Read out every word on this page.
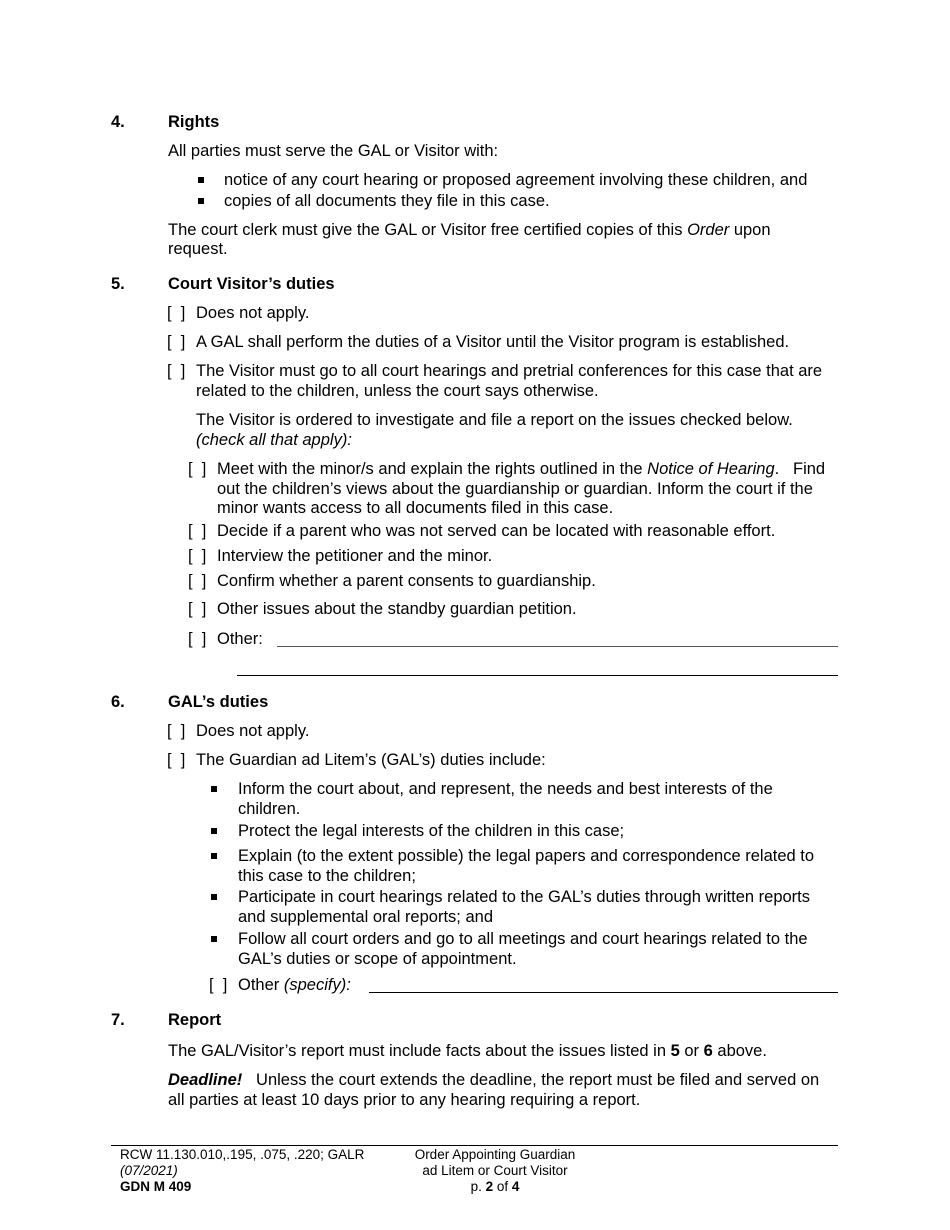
4.	Rights
All parties must serve the GAL or Visitor with:
notice of any court hearing or proposed agreement involving these children, and
copies of all documents they file in this case.
The court clerk must give the GAL or Visitor free certified copies of this Order upon
request.
5.	Court Visitor’s duties
[  ] Does not apply.
[  ] A GAL shall perform the duties of a Visitor until the Visitor program is established.
[  ] The Visitor must go to all court hearings and pretrial conferences for this case that are
related to the children, unless the court says otherwise.
The Visitor is ordered to investigate and file a report on the issues checked below.
(check all that apply):
[  ] Meet with the minor/s and explain the rights outlined in the Notice of Hearing.   Find
out the children’s views about the guardianship or guardian. Inform the court if the
minor wants access to all documents filed in this case.
[  ] Decide if a parent who was not served can be located with reasonable effort.
[  ] Interview the petitioner and the minor.
[  ] Confirm whether a parent consents to guardianship.
[  ] Other issues about the standby guardian petition.
[  ] Other:
6.	GAL’s duties
[  ] Does not apply.
[  ] The Guardian ad Litem’s (GAL’s) duties include:
Inform the court about, and represent, the needs and best interests of the
children.
Protect the legal interests of the children in this case;
Explain (to the extent possible) the legal papers and correspondence related to
this case to the children;
Participate in court hearings related to the GAL’s duties through written reports
and supplemental oral reports; and
Follow all court orders and go to all meetings and court hearings related to the
GAL’s duties or scope of appointment.
[  ] Other (specify):
7.	Report
The GAL/Visitor’s report must include facts about the issues listed in 5 or 6 above.
Deadline!   Unless the court extends the deadline, the report must be filed and served on
all parties at least 10 days prior to any hearing requiring a report.
RCW 11.130.010,.195, .075, .220; GALR
(07/2021)
GDN M 409
Order Appointing Guardian
ad Litem or Court Visitor
p. 2 of 4
